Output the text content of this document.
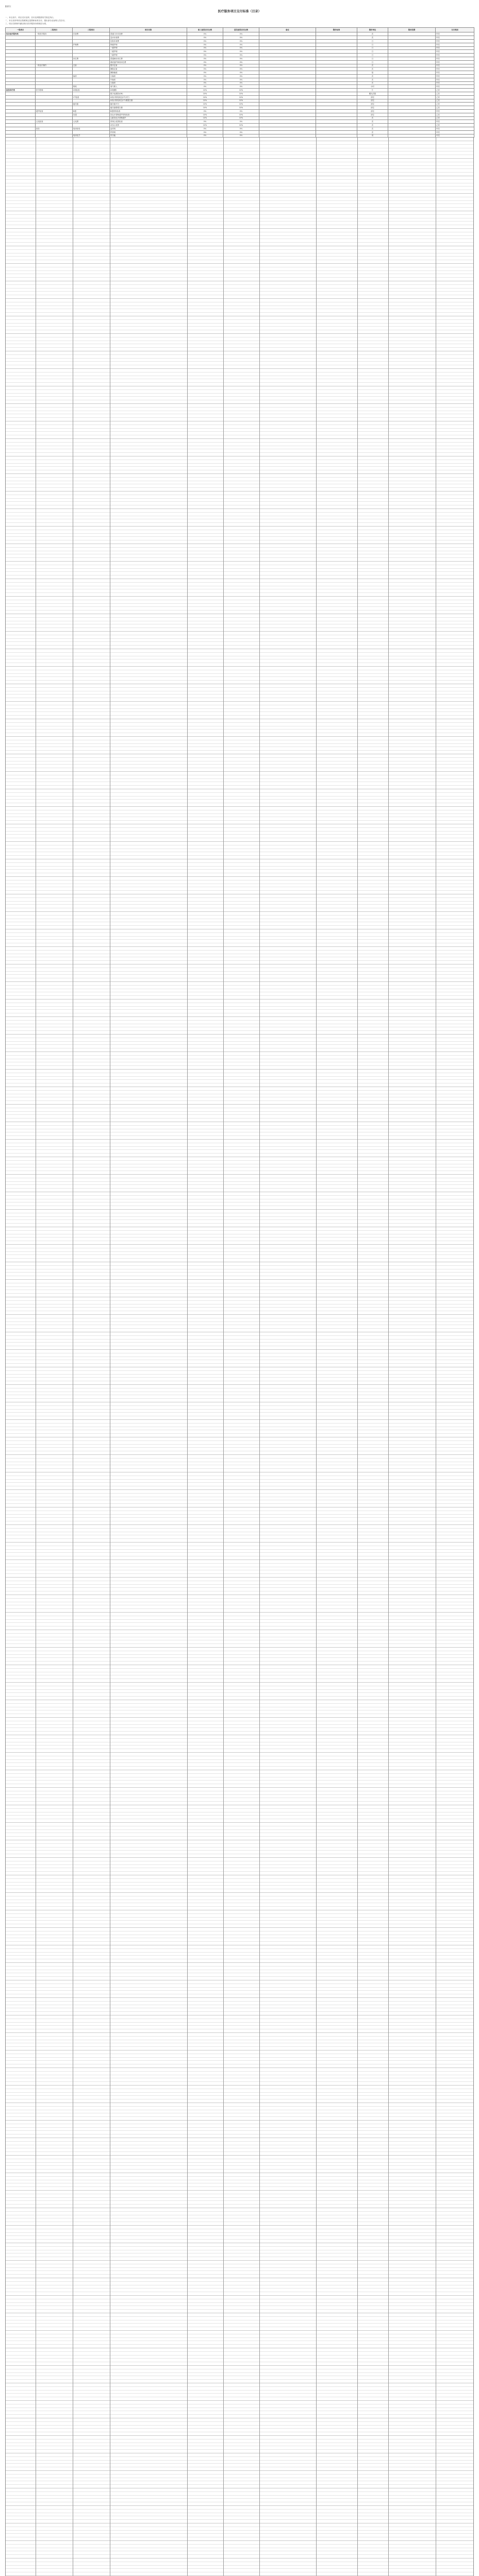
附件1：
医疗服务项目支付标准（目录）

一、本目录中，项目支付比例、自付比例按照有关规定执行。

二、本目录所列项目按照规定范围和标准支付，超出部分由参保人员自付。

三、项目名称和内涵以现行医疗服务价格规范为准。

一级类目	二级类目	三级类目	项目名称	职工医保自付比例	居民医保自付比例	备注	限价标准	限价单位	限用范围	支付类别
综合医疗服务类	一般医疗服务	诊查费	普通门诊诊查费	0%	0%			次		甲类
			急诊诊查费	0%	0%			次		甲类
			住院诊查费	0%	0%			日		甲类
		护理费	特级护理	0%	0%			日		甲类
			一级护理	0%	0%			日		甲类
			二级护理	0%	0%			日		甲类
			三级护理	0%	0%			日		甲类
		床位费	普通病房床位费	0%	0%			日		甲类
			重症监护病房床位费	0%	0%			日		甲类
	一般治疗操作	注射	肌肉注射	0%	0%			次		甲类
			静脉注射	0%	0%			次		甲类
			静脉输液	0%	0%			组		甲类
		换药	小换药	0%	0%			次		甲类
			中换药	0%	0%			次		甲类
			大换药	0%	0%			次		甲类
		吸氧	氧气吸入	0%	0%			小时		甲类
医技诊疗类	医学影像	X线检查	X线摄影	10%	10%			片		乙类
			数字化摄影(DR)	10%	10%			曝光次数		乙类
		CT检查	X线计算机体层(CT)平扫	10%	10%			部位		乙类
			X线计算机体层(CT)增强扫描	10%	10%			部位		乙类
		磁共振	磁共振平扫	10%	10%			部位		乙类
			磁共振增强扫描	10%	10%			部位		乙类
	超声检查	B超	B超常规检查	0%	0%			部位		甲类
		彩超	彩色多普勒超声常规检查	10%	10%			部位		乙类
			心脏彩色多普勒超声	10%	10%			次		乙类
	心电检查	心电图	常规心电图检查	0%	0%			次		甲类
			动态心电图	10%	10%			次		乙类
	检验	临床检验	血常规	0%	0%			次		甲类
			尿常规	0%	0%			次		甲类
		临床化学	肝功能	0%	0%			项		甲类
